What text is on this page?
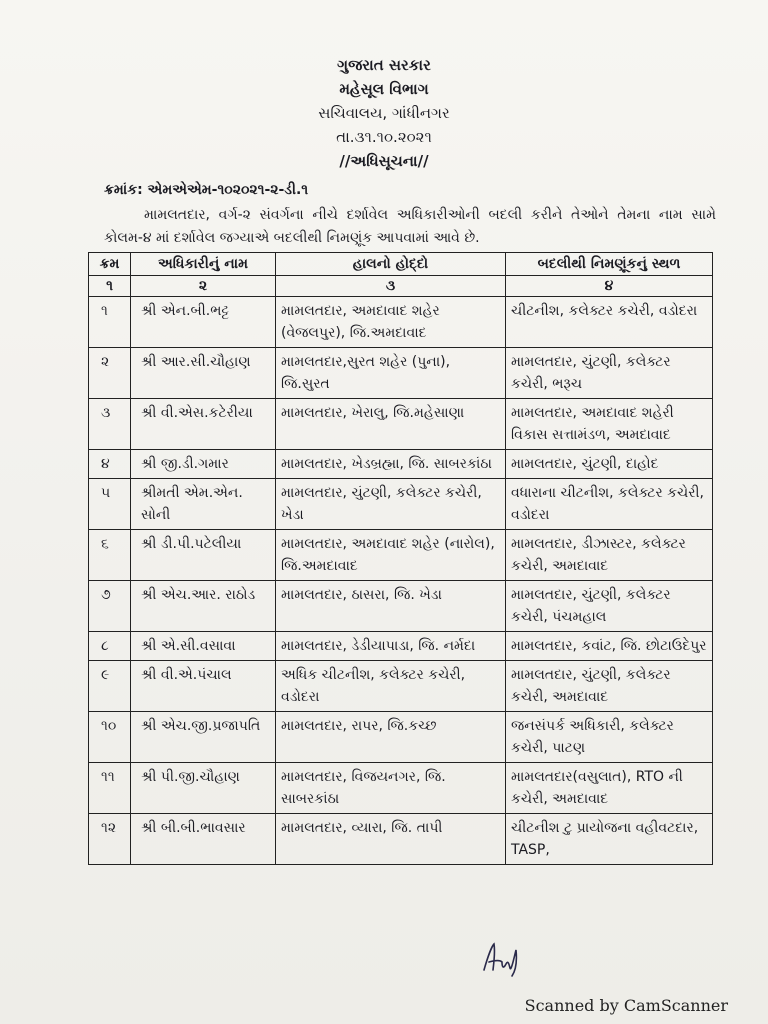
ગુજરાત સરકાર
મહેસૂલ વિભાગ
સચિવાલય, ગાંધીનગર
તા.૩૧.૧૦.૨૦૨૧
//અધિસૂચના//
ક્રમાંક: એમએએમ-૧૦૨૦૨૧-૨-ડી.૧
મામલતદાર, વર્ગ-૨ સંવર્ગના નીચે દર્શાવેલ અધિકારીઓની બદલી કરીને તેઓને તેમના નામ સામે કોલમ-૪ માં દર્શાવેલ જગ્યાએ બદલીથી નિમણૂંક આપવામાં આવે છે.
ક્રમ	અધિકારીનું નામ	હાલનો હોદ્દો	બદલીથી નિમણૂંકનું સ્થળ
૧	૨	૩	૪
૧	શ્રી એન.બી.ભટ્ટ	મામલતદાર, અમદાવાદ શહેર (વેજલપુર), જિ.અમદાવાદ	ચીટનીશ, કલેક્ટર કચેરી, વડોદરા
૨	શ્રી આર.સી.ચૌહાણ	મામલતદાર,સુરત શહેર (પુના), જિ.સુરત	મામલતદાર, ચુંટણી, કલેક્ટર કચેરી, ભરૂચ
૩	શ્રી વી.એસ.કટેરીયા	મામલતદાર, ખેરાલુ, જિ.મહેસાણા	મામલતદાર, અમદાવાદ શહેરી વિકાસ સત્તામંડળ, અમદાવાદ
૪	શ્રી જી.ડી.ગમાર	મામલતદાર, ખેડબ્રહ્મા, જિ. સાબરકાંઠા	મામલતદાર, ચુંટણી, દાહોદ
૫	શ્રીમતી એમ.એન. સોની	મામલતદાર, ચુંટણી, કલેક્ટર કચેરી, ખેડા	વધારાના ચીટનીશ, કલેક્ટર કચેરી, વડોદરા
૬	શ્રી ડી.પી.પટેલીયા	મામલતદાર, અમદાવાદ શહેર (નારોલ), જિ.અમદાવાદ	મામલતદાર, ડીઝાસ્ટર, કલેક્ટર કચેરી, અમદાવાદ
૭	શ્રી એચ.આર. રાઠોડ	મામલતદાર, ઠાસરા, જિ. ખેડા	મામલતદાર, ચુંટણી, કલેક્ટર કચેરી, પંચમહાલ
૮	શ્રી એ.સી.વસાવા	મામલતદાર, ડેડીયાપાડા, જિ. નર્મદા	મામલતદાર, કવાંટ, જિ. છોટાઉદેપુર
૯	શ્રી વી.એ.પંચાલ	અધિક ચીટનીશ, કલેક્ટર કચેરી, વડોદરા	મામલતદાર, ચુંટણી, કલેક્ટર કચેરી, અમદાવાદ
૧૦	શ્રી એચ.જી.પ્રજાપતિ	મામલતદાર, રાપર, જિ.કચ્છ	જનસંપર્ક અધિકારી, કલેક્ટર કચેરી, પાટણ
૧૧	શ્રી પી.જી.ચૌહાણ	મામલતદાર, વિજયનગર, જિ. સાબરકાંઠા	મામલતદાર(વસુલાત), RTO ની કચેરી, અમદાવાદ
૧૨	શ્રી બી.બી.ભાવસાર	મામલતદાર, વ્યારા, જિ. તાપી	ચીટનીશ ટુ પ્રાયોજના વહીવટદાર, TASP,
Scanned by CamScanner
